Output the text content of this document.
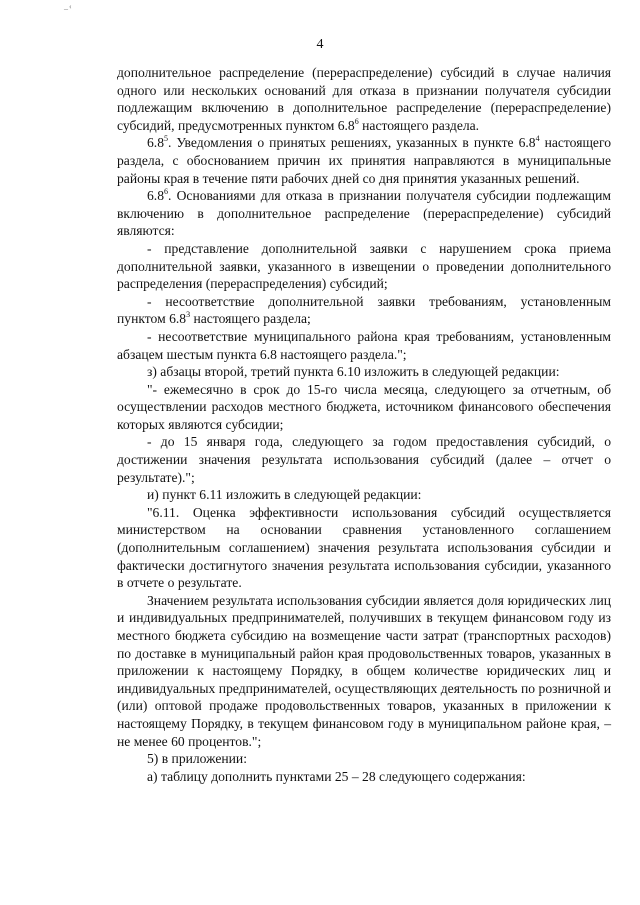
_‹
4

дополнительное распределение (перераспределение) субсидий в случае наличия одного или нескольких оснований для отказа в признании получателя субсидии подлежащим включению в дополнительное распределение (перераспределение) субсидий, предусмотренных пунктом $6.8^6$ настоящего раздела.

$6.8^5$. Уведомления о принятых решениях, указанных в пункте $6.8^4$ настоящего раздела, с обоснованием причин их принятия направляются в муниципальные районы края в течение пяти рабочих дней со дня принятия указанных решений.

$6.8^6$. Основаниями для отказа в признании получателя субсидии подлежащим включению в дополнительное распределение (перераспределение) субсидий являются:

- представление дополнительной заявки с нарушением срока приема дополнительной заявки, указанного в извещении о проведении дополнительного распределения (перераспределения) субсидий;

- несоответствие дополнительной заявки требованиям, установленным пунктом $6.8^3$ настоящего раздела;

- несоответствие муниципального района края требованиям, установленным абзацем шестым пункта 6.8 настоящего раздела.";

з) абзацы второй, третий пункта 6.10 изложить в следующей редакции:

"- ежемесячно в срок до 15-го числа месяца, следующего за отчетным, об осуществлении расходов местного бюджета, источником финансового обеспечения которых являются субсидии;

- до 15 января года, следующего за годом предоставления субсидий, о достижении значения результата использования субсидий (далее – отчет о результате).";

и) пункт 6.11 изложить в следующей редакции:

"6.11. Оценка эффективности использования субсидий осуществляется министерством на основании сравнения установленного соглашением (дополнительным соглашением) значения результата использования субсидии и фактически достигнутого значения результата использования субсидии, указанного в отчете о результате.

Значением результата использования субсидии является доля юридических лиц и индивидуальных предпринимателей, получивших в текущем финансовом году из местного бюджета субсидию на возмещение части затрат (транспортных расходов) по доставке в муниципальный район края продовольственных товаров, указанных в приложении к настоящему Порядку, в общем количестве юридических лиц и индивидуальных предпринимателей, осуществляющих деятельность по розничной и (или) оптовой продаже продовольственных товаров, указанных в приложении к настоящему Порядку, в текущем финансовом году в муниципальном районе края, – не менее 60 процентов.";

5) в приложении:

а) таблицу дополнить пунктами 25 – 28 следующего содержания:
